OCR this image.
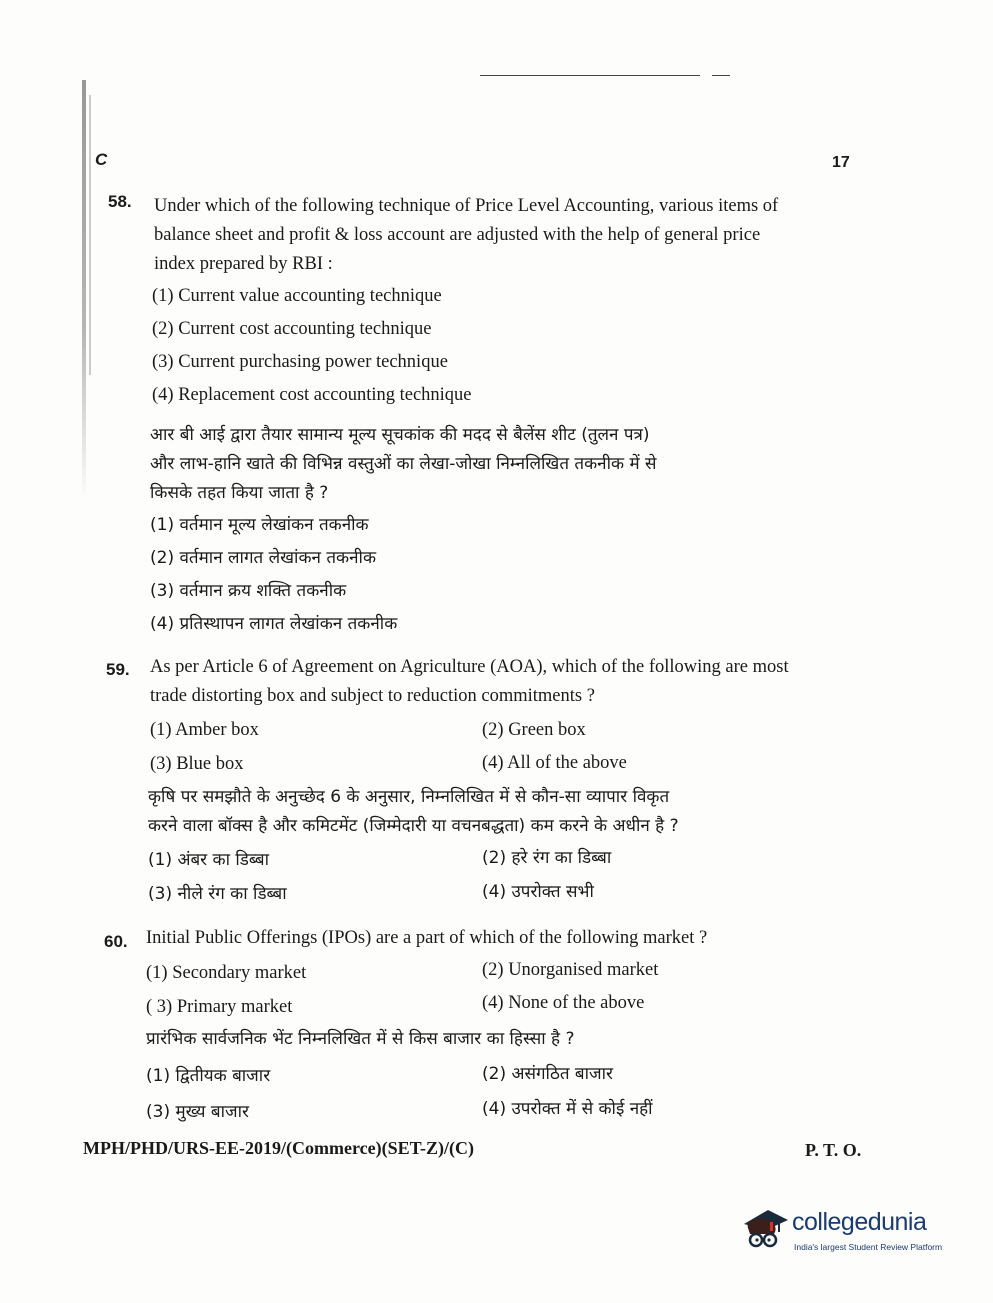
C	17
58. Under which of the following technique of Price Level Accounting, various items of
balance sheet and profit & loss account are adjusted with the help of general price
index prepared by RBI :
(1) Current value accounting technique
(2) Current cost accounting technique
(3) Current purchasing power technique
(4) Replacement cost accounting technique
आर बी आई द्वारा तैयार सामान्य मूल्य सूचकांक की मदद से बैलेंस शीट (तुलन पत्र)
और लाभ-हानि खाते की विभिन्न वस्तुओं का लेखा-जोखा निम्नलिखित तकनीक में से
किसके तहत किया जाता है ?
(1) वर्तमान मूल्य लेखांकन तकनीक
(2) वर्तमान लागत लेखांकन तकनीक
(3) वर्तमान क्रय शक्ति तकनीक
(4) प्रतिस्थापन लागत लेखांकन तकनीक
59. As per Article 6 of Agreement on Agriculture (AOA), which of the following are most
trade distorting box and subject to reduction commitments ?
(1) Amber box	(2) Green box
(3) Blue box	(4) All of the above
कृषि पर समझौते के अनुच्छेद 6 के अनुसार, निम्नलिखित में से कौन-सा व्यापार विकृत
करने वाला बॉक्स है और कमिटमेंट (जिम्मेदारी या वचनबद्धता) कम करने के अधीन है ?
(1) अंबर का डिब्बा	(2) हरे रंग का डिब्बा
(3) नीले रंग का डिब्बा	(4) उपरोक्त सभी
60. Initial Public Offerings (IPOs) are a part of which of the following market ?
(1) Secondary market	(2) Unorganised market
( 3) Primary market	(4) None of the above
प्रारंभिक सार्वजनिक भेंट निम्नलिखित में से किस बाजार का हिस्सा है ?
(1) द्वितीयक बाजार	(2) असंगठित बाजार
(3) मुख्य बाजार	(4) उपरोक्त में से कोई नहीं
MPH/PHD/URS-EE-2019/(Commerce)(SET-Z)/(C)	P. T. O.
collegedunia
India's largest Student Review Platform
